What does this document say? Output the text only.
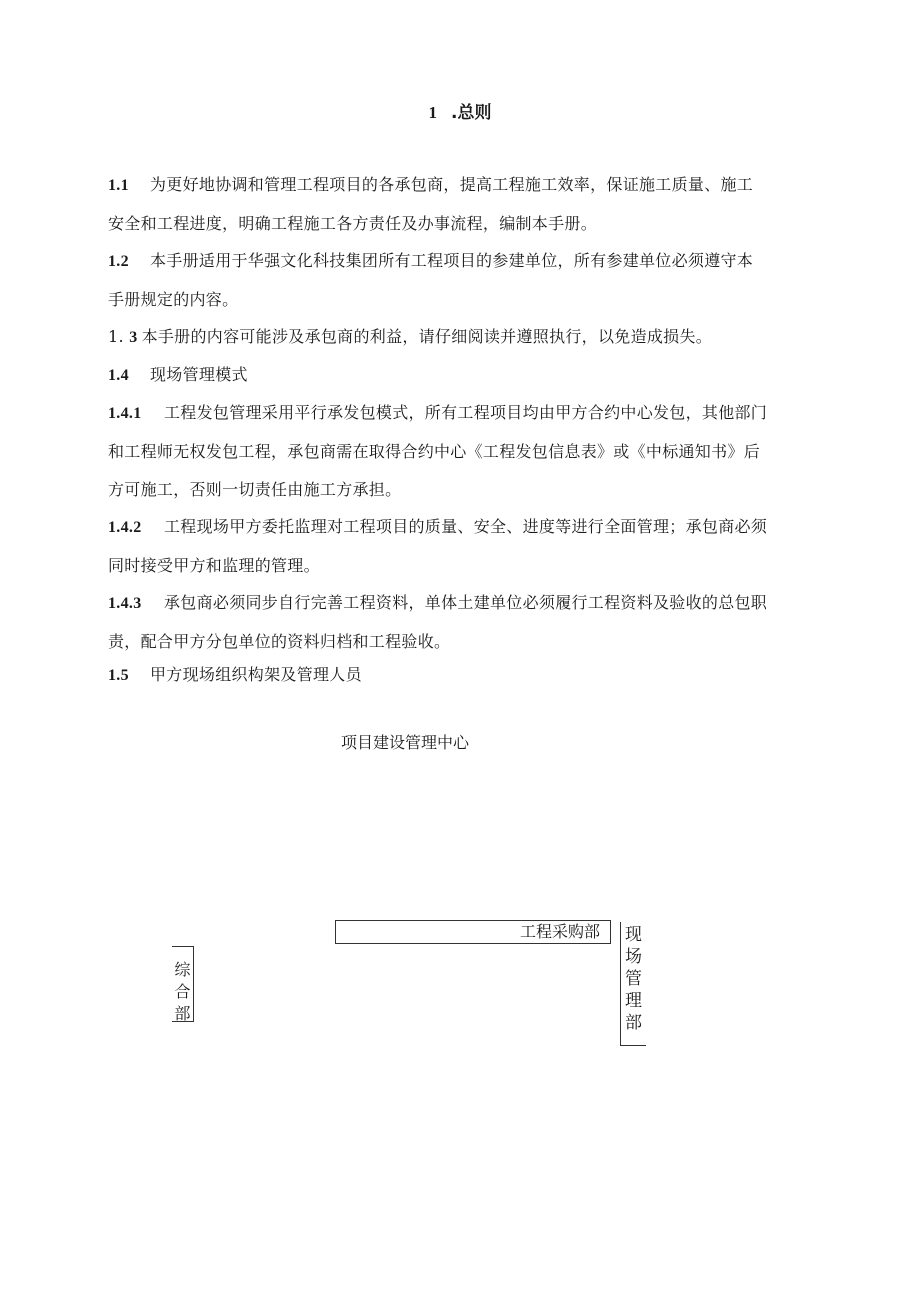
1 .总则
1.1 为更好地协调和管理工程项目的各承包商，提高工程施工效率，保证施工质量、施工安全和工程进度，明确工程施工各方责任及办事流程，编制本手册。
1.2 本手册适用于华强文化科技集团所有工程项目的参建单位，所有参建单位必须遵守本手册规定的内容。
1. 3 本手册的内容可能涉及承包商的利益，请仔细阅读并遵照执行，以免造成损失。
1.4 现场管理模式
1.4.1 工程发包管理采用平行承发包模式，所有工程项目均由甲方合约中心发包，其他部门和工程师无权发包工程，承包商需在取得合约中心《工程发包信息表》或《中标通知书》后方可施工，否则一切责任由施工方承担。
1.4.2 工程现场甲方委托监理对工程项目的质量、安全、进度等进行全面管理；承包商必须同时接受甲方和监理的管理。
1.4.3 承包商必须同步自行完善工程资料，单体土建单位必须履行工程资料及验收的总包职责，配合甲方分包单位的资料归档和工程验收。
1.5 甲方现场组织构架及管理人员
项目建设管理中心
工程采购部
综
合
部
现
场
管
理
部
